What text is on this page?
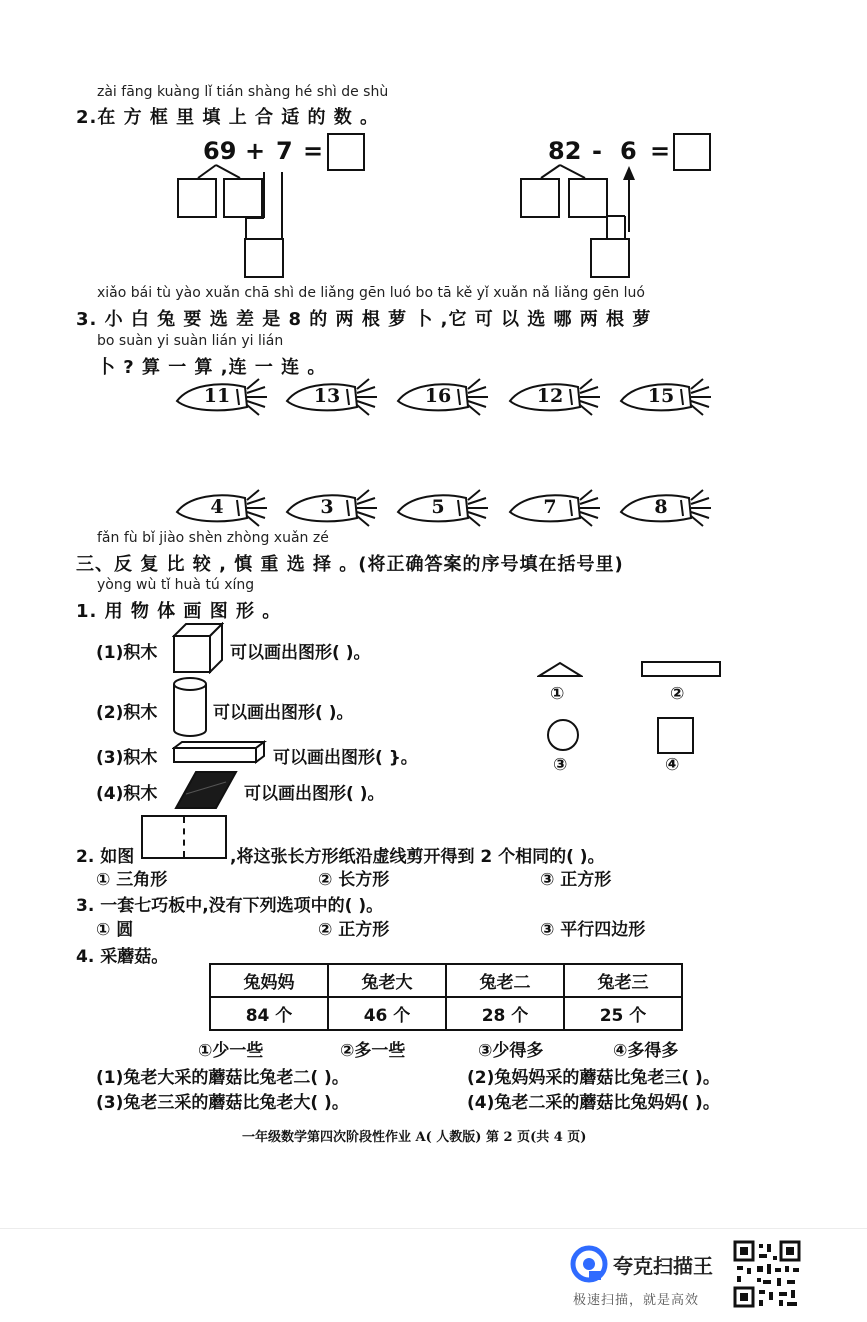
zài fāng kuàng lǐ tián shàng hé shì de shù
2.在 方 框 里 填 上 合 适 的 数 。
69 + 7 =	82 - 6 =
xiǎo bái tù yào xuǎn chā shì de liǎng gēn luó bo tā kě yǐ xuǎn nǎ liǎng gēn luó
3. 小 白 兔 要 选 差 是 8 的 两 根 萝 卜 ,它 可 以 选 哪 两 根 萝
bo suàn yi suàn lián yi lián
卜 ? 算 一 算 ,连 一 连 。
11	13	16	12	15
4	3	5	7	8
fǎn fù bǐ jiào shèn zhòng xuǎn zé
三、反 复 比 较 , 慎 重 选 择 。(将正确答案的序号填在括号里)
yòng wù tǐ huà tú xíng
1. 用 物 体 画 图 形 。
(1)积木	可以画出图形( )。
(2)积木	可以画出图形( )。
(3)积木	可以画出图形( }。
(4)积木	可以画出图形( )。
①	②
③	④
2. 如图	,将这张长方形纸沿虚线剪开得到 2 个相同的( )。
① 三角形	② 长方形	③ 正方形
3. 一套七巧板中,没有下列选项中的( )。
① 圆	② 正方形	③ 平行四边形
4. 采蘑菇。
兔妈妈	兔老大	兔老二	兔老三
84 个	46 个	28 个	25 个
①少一些	②多一些	③少得多	④多得多
(1)兔老大采的蘑菇比兔老二( )。	(2)兔妈妈采的蘑菇比兔老三( )。
(3)兔老三采的蘑菇比兔老大( )。	(4)兔老二采的蘑菇比兔妈妈( )。
一年级数学第四次阶段性作业 A( 人教版) 第 2 页(共 4 页)
夸克扫描王
极速扫描，就是高效
